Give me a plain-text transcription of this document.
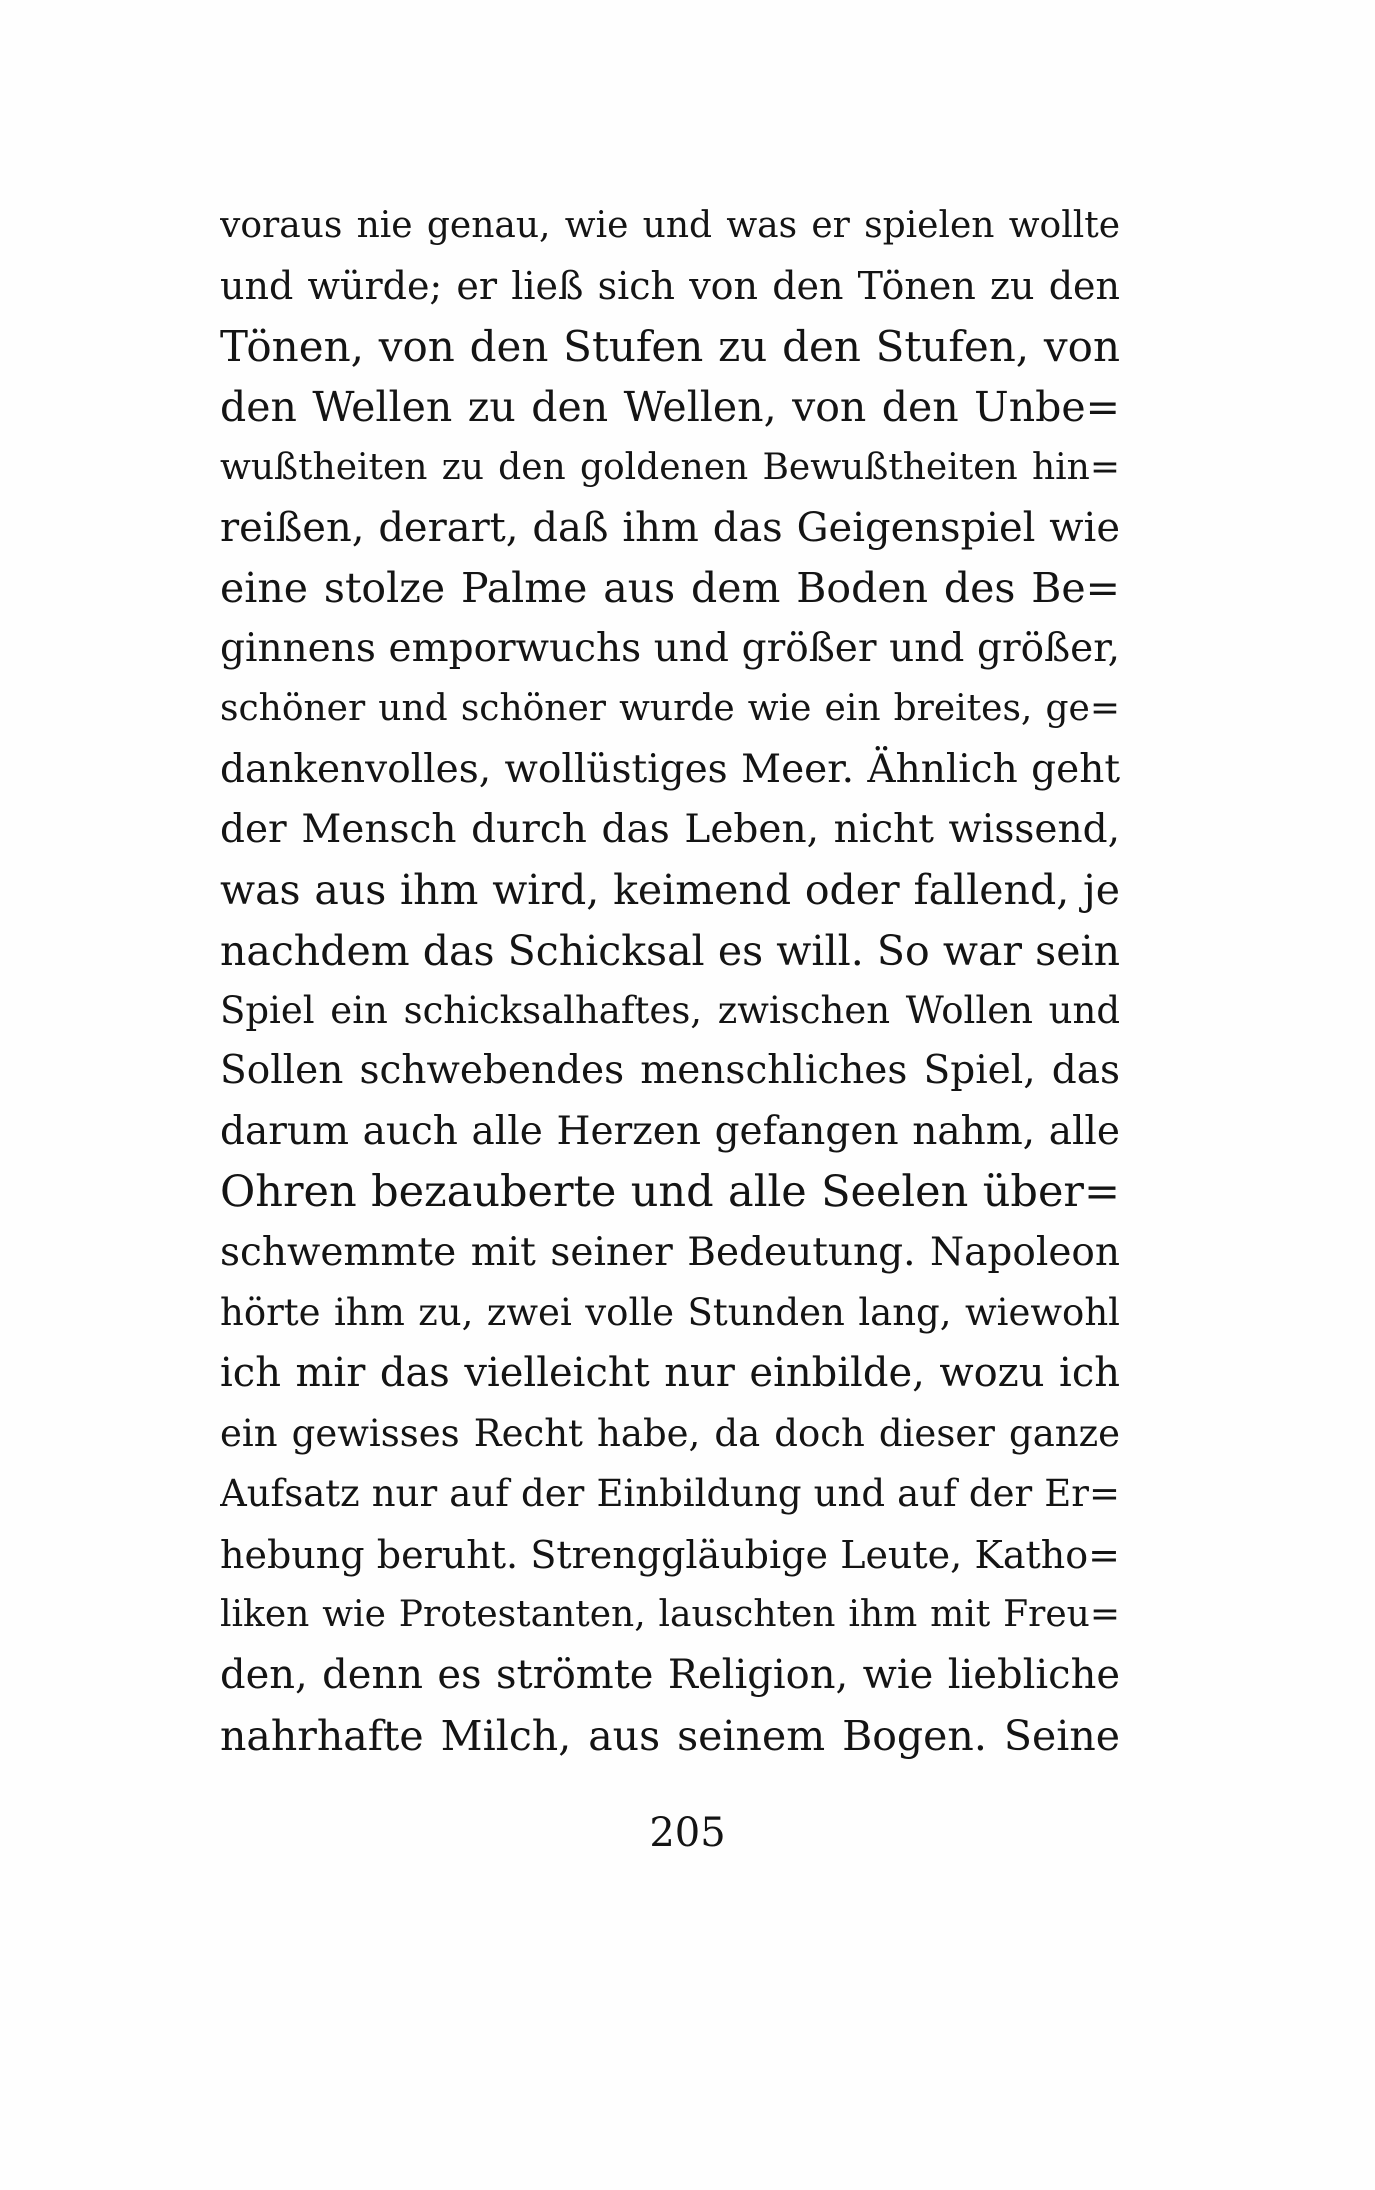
voraus nie genau, wie und was er spielen wollte
und würde; er ließ sich von den Tönen zu den
Tönen, von den Stufen zu den Stufen, von
den Wellen zu den Wellen, von den Unbe=
wußtheiten zu den goldenen Bewußtheiten hin=
reißen, derart, daß ihm das Geigenspiel wie
eine stolze Palme aus dem Boden des Be=
ginnens emporwuchs und größer und größer,
schöner und schöner wurde wie ein breites, ge=
dankenvolles, wollüstiges Meer. Ähnlich geht
der Mensch durch das Leben, nicht wissend,
was aus ihm wird, keimend oder fallend, je
nachdem das Schicksal es will. So war sein
Spiel ein schicksalhaftes, zwischen Wollen und
Sollen schwebendes menschliches Spiel, das
darum auch alle Herzen gefangen nahm, alle
Ohren bezauberte und alle Seelen über=
schwemmte mit seiner Bedeutung. Napoleon
hörte ihm zu, zwei volle Stunden lang, wiewohl
ich mir das vielleicht nur einbilde, wozu ich
ein gewisses Recht habe, da doch dieser ganze
Aufsatz nur auf der Einbildung und auf der Er=
hebung beruht. Strenggläubige Leute, Katho=
liken wie Protestanten, lauschten ihm mit Freu=
den, denn es strömte Religion, wie liebliche
nahrhafte Milch, aus seinem Bogen. Seine
205
